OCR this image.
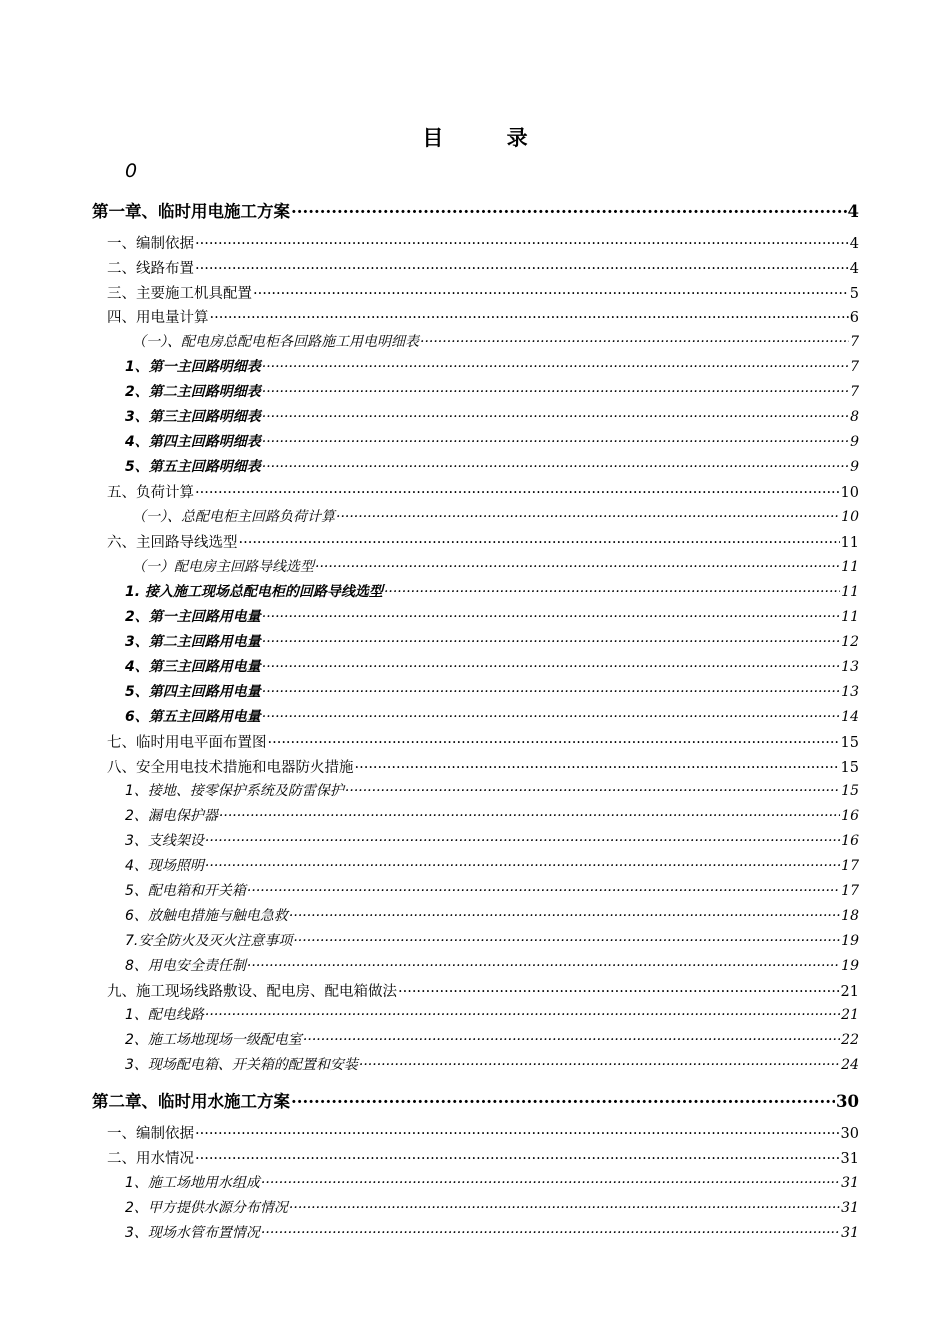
目 录
0
第一章、临时用电施工方案 .....	4
一、编制依据 .....	4
二、线路布置 .....	4
三、主要施工机具配置 .....	5
四、用电量计算 .....	6
（一）、配电房总配电柜各回路施工用电明细表 .....	7
1、第一主回路明细表 .....	7
2、第二主回路明细表 .....	7
3、第三主回路明细表 .....	8
4、第四主回路明细表 .....	9
5、第五主回路明细表 .....	9
五、负荷计算 .....	10
（一）、总配电柜主回路负荷计算 .....	10
六、主回路导线选型 .....	11
（一）配电房主回路导线选型 .....	11
1. 接入施工现场总配电柜的回路导线选型 .....	11
2、第一主回路用电量 .....	11
3、第二主回路用电量 .....	12
4、第三主回路用电量 .....	13
5、第四主回路用电量 .....	13
6、第五主回路用电量 .....	14
七、临时用电平面布置图 .....	15
八、安全用电技术措施和电器防火措施 .....	15
1、接地、接零保护系统及防雷保护 .....	15
2、漏电保护器 .....	16
3、支线架设 .....	16
4、现场照明 .....	17
5、配电箱和开关箱 .....	17
6、放触电措施与触电急救 .....	18
7.安全防火及灭火注意事项 .....	19
8、用电安全责任制 .....	19
九、施工现场线路敷设、配电房、配电箱做法 .....	21
1、配电线路 .....	21
2、施工场地现场一级配电室 .....	22
3、现场配电箱、开关箱的配置和安装 .....	24
第二章、临时用水施工方案 .....	30
一、编制依据 .....	30
二、用水情况 .....	31
1、施工场地用水组成 .....	31
2、甲方提供水源分布情况 .....	31
3、现场水管布置情况 .....	31
